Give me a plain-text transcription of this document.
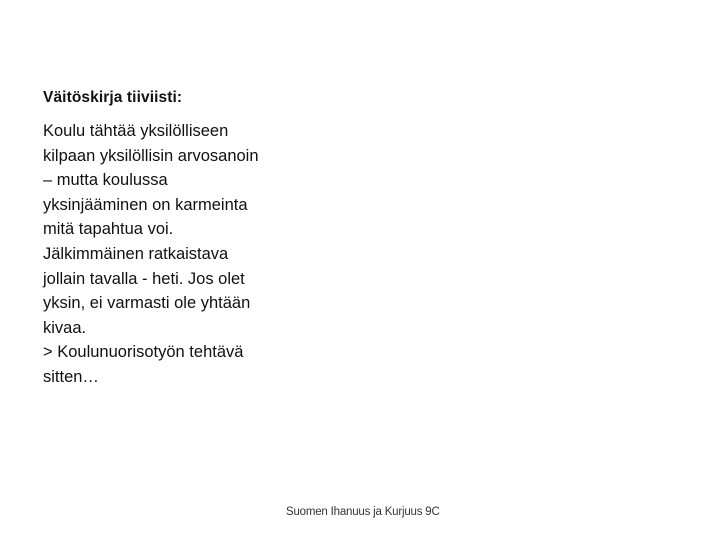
Väitöskirja tiiviisti:

Koulu tähtää yksilölliseen kilpaan yksilöllisin arvosanoin – mutta koulussa yksinjääminen on karmeinta mitä tapahtua voi.

Jälkimmäinen ratkaistava jollain tavalla - heti. Jos olet yksin, ei varmasti ole yhtään kivaa.

> Koulunuorisotyön tehtävä sitten…

Suomen Ihanuus ja Kurjuus 9C
